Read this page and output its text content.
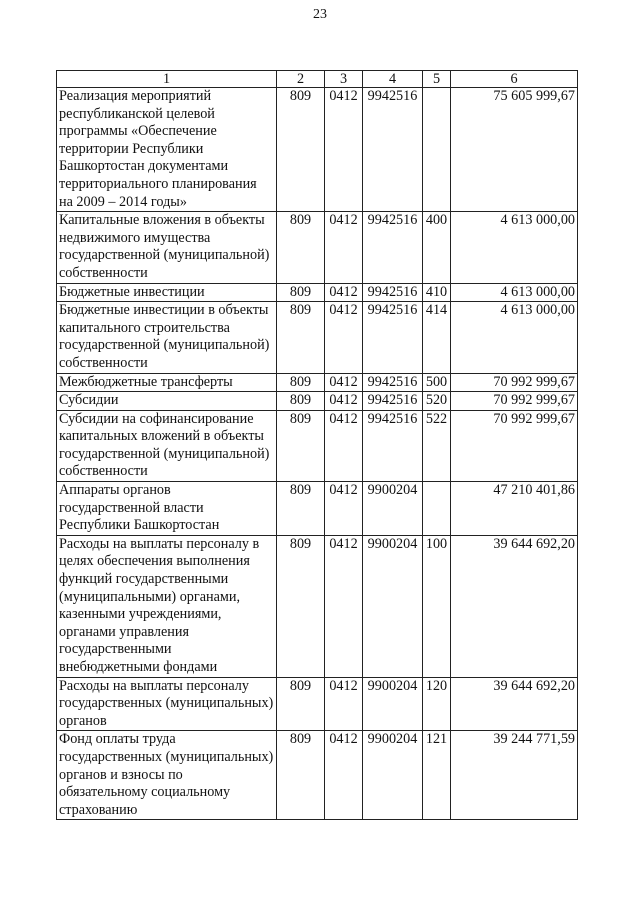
23
1	2	3	4	5	6
Реализация мероприятий республиканской целевой программы «Обеспечение территории Республики Башкортостан документами территориального планирования на 2009 – 2014 годы»	809	0412	9942516		75 605 999,67
Капитальные вложения в объекты недвижимого имущества государственной (муниципальной) собственности	809	0412	9942516	400	4 613 000,00
Бюджетные инвестиции	809	0412	9942516	410	4 613 000,00
Бюджетные инвестиции в объекты капитального строительства государственной (муниципальной) собственности	809	0412	9942516	414	4 613 000,00
Межбюджетные трансферты	809	0412	9942516	500	70 992 999,67
Субсидии	809	0412	9942516	520	70 992 999,67
Субсидии на софинансирование капитальных вложений в объекты государственной (муниципальной) собственности	809	0412	9942516	522	70 992 999,67
Аппараты органов государственной власти Республики Башкортостан	809	0412	9900204		47 210 401,86
Расходы на выплаты персоналу в целях обеспечения выполнения функций государственными (муниципальными) органами, казенными учреждениями, органами управления государственными внебюджетными фондами	809	0412	9900204	100	39 644 692,20
Расходы на выплаты персоналу государственных (муниципальных) органов	809	0412	9900204	120	39 644 692,20
Фонд оплаты труда государственных (муниципальных) органов и взносы по обязательному социальному страхованию	809	0412	9900204	121	39 244 771,59
